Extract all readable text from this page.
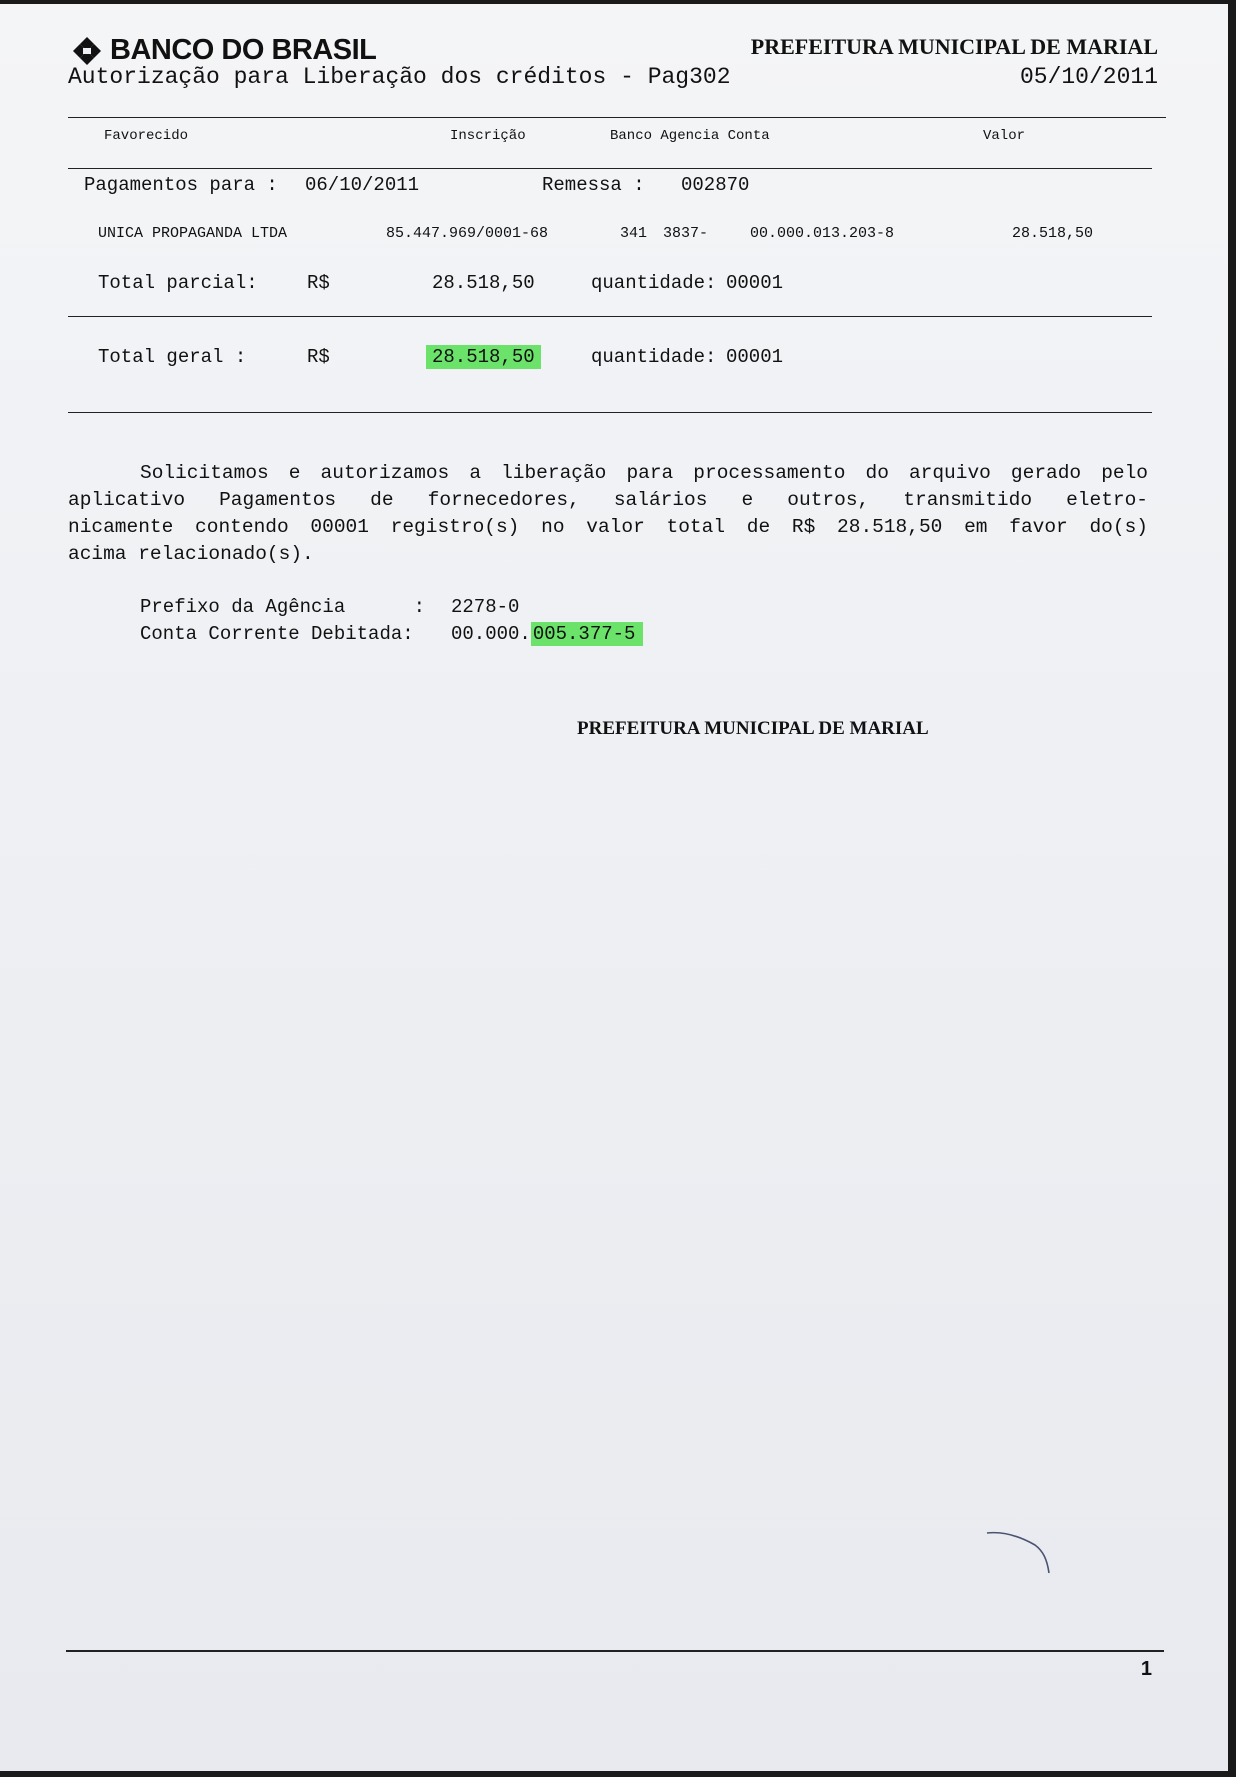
BANCO DO BRASIL
Autorização para Liberação dos créditos - Pag302
PREFEITURA MUNICIPAL DE MARIAL
05/10/2011
Favorecido	Inscrição	Banco Agencia Conta	Valor
Pagamentos para : 06/10/2011	Remessa : 002870
UNICA PROPAGANDA LTDA	85.447.969/0001-68	341 3837-	00.000.013.203-8	28.518,50
Total parcial:	R$	28.518,50	quantidade: 00001
Total geral :	R$	28.518,50	quantidade: 00001
Solicitamos e autorizamos a liberação para processamento do arquivo gerado pelo
aplicativo Pagamentos de fornecedores, salários e outros, transmitido eletro-
nicamente contendo 00001 registro(s) no valor total de R$ 28.518,50 em favor do(s)
acima relacionado(s).
Prefixo da Agência      : 2278-0
Conta Corrente Debitada: 00.000. 005.377-5
PREFEITURA MUNICIPAL DE MARIAL
1
